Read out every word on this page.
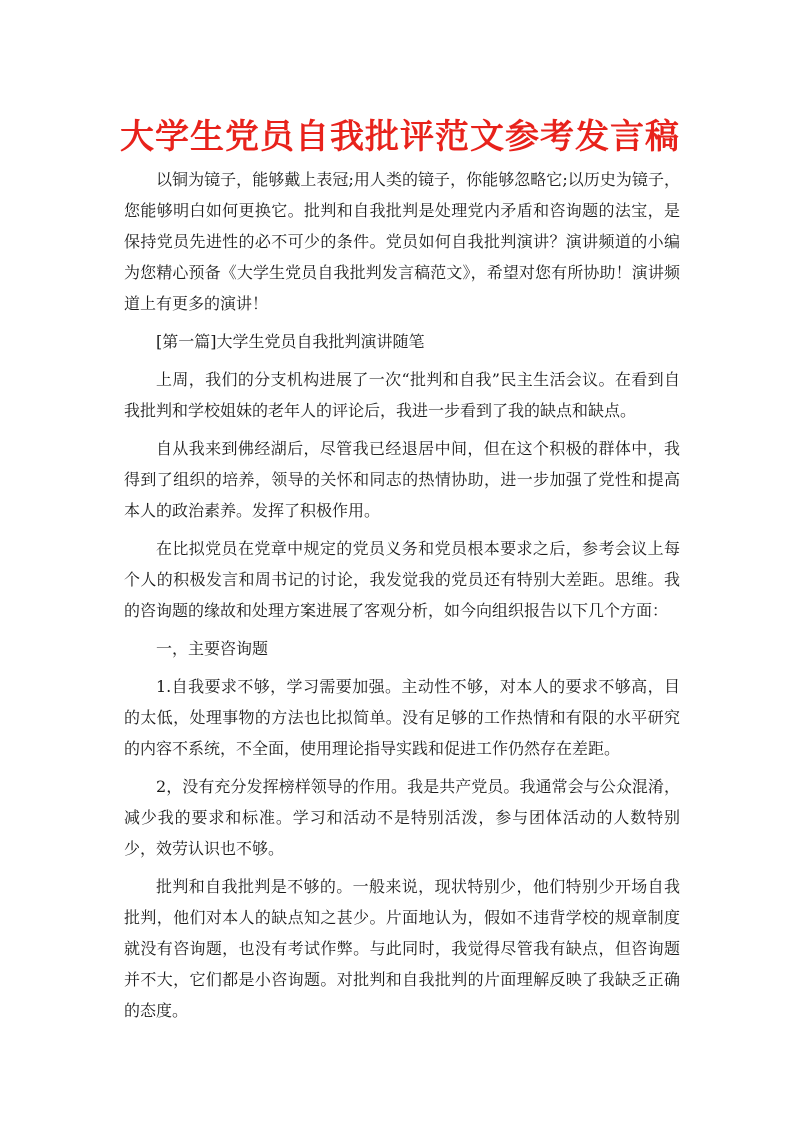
大学生党员自我批评范文参考发言稿

以铜为镜子，能够戴上表冠;用人类的镜子，你能够忽略它;以历史为镜子，您能够明白如何更换它。批判和自我批判是处理党内矛盾和咨询题的法宝，是保持党员先进性的必不可少的条件。党员如何自我批判演讲？演讲频道的小编为您精心预备《大学生党员自我批判发言稿范文》，希望对您有所协助！演讲频道上有更多的演讲！

[第一篇]大学生党员自我批判演讲随笔

上周，我们的分支机构进展了一次“批判和自我”民主生活会议。在看到自我批判和学校姐妹的老年人的评论后，我进一步看到了我的缺点和缺点。

自从我来到佛经湖后，尽管我已经退居中间，但在这个积极的群体中，我得到了组织的培养，领导的关怀和同志的热情协助，进一步加强了党性和提高本人的政治素养。发挥了积极作用。

在比拟党员在党章中规定的党员义务和党员根本要求之后，参考会议上每个人的积极发言和周书记的讨论，我发觉我的党员还有特别大差距。思维。我的咨询题的缘故和处理方案进展了客观分析，如今向组织报告以下几个方面：

一，主要咨询题

1.自我要求不够，学习需要加强。主动性不够，对本人的要求不够高，目的太低，处理事物的方法也比拟简单。没有足够的工作热情和有限的水平研究的内容不系统，不全面，使用理论指导实践和促进工作仍然存在差距。

2，没有充分发挥榜样领导的作用。我是共产党员。我通常会与公众混淆，减少我的要求和标准。学习和活动不是特别活泼，参与团体活动的人数特别少，效劳认识也不够。

批判和自我批判是不够的。一般来说，现状特别少，他们特别少开场自我批判，他们对本人的缺点知之甚少。片面地认为，假如不违背学校的规章制度就没有咨询题，也没有考试作弊。与此同时，我觉得尽管我有缺点，但咨询题并不大，它们都是小咨询题。对批判和自我批判的片面理解反映了我缺乏正确的态度。
